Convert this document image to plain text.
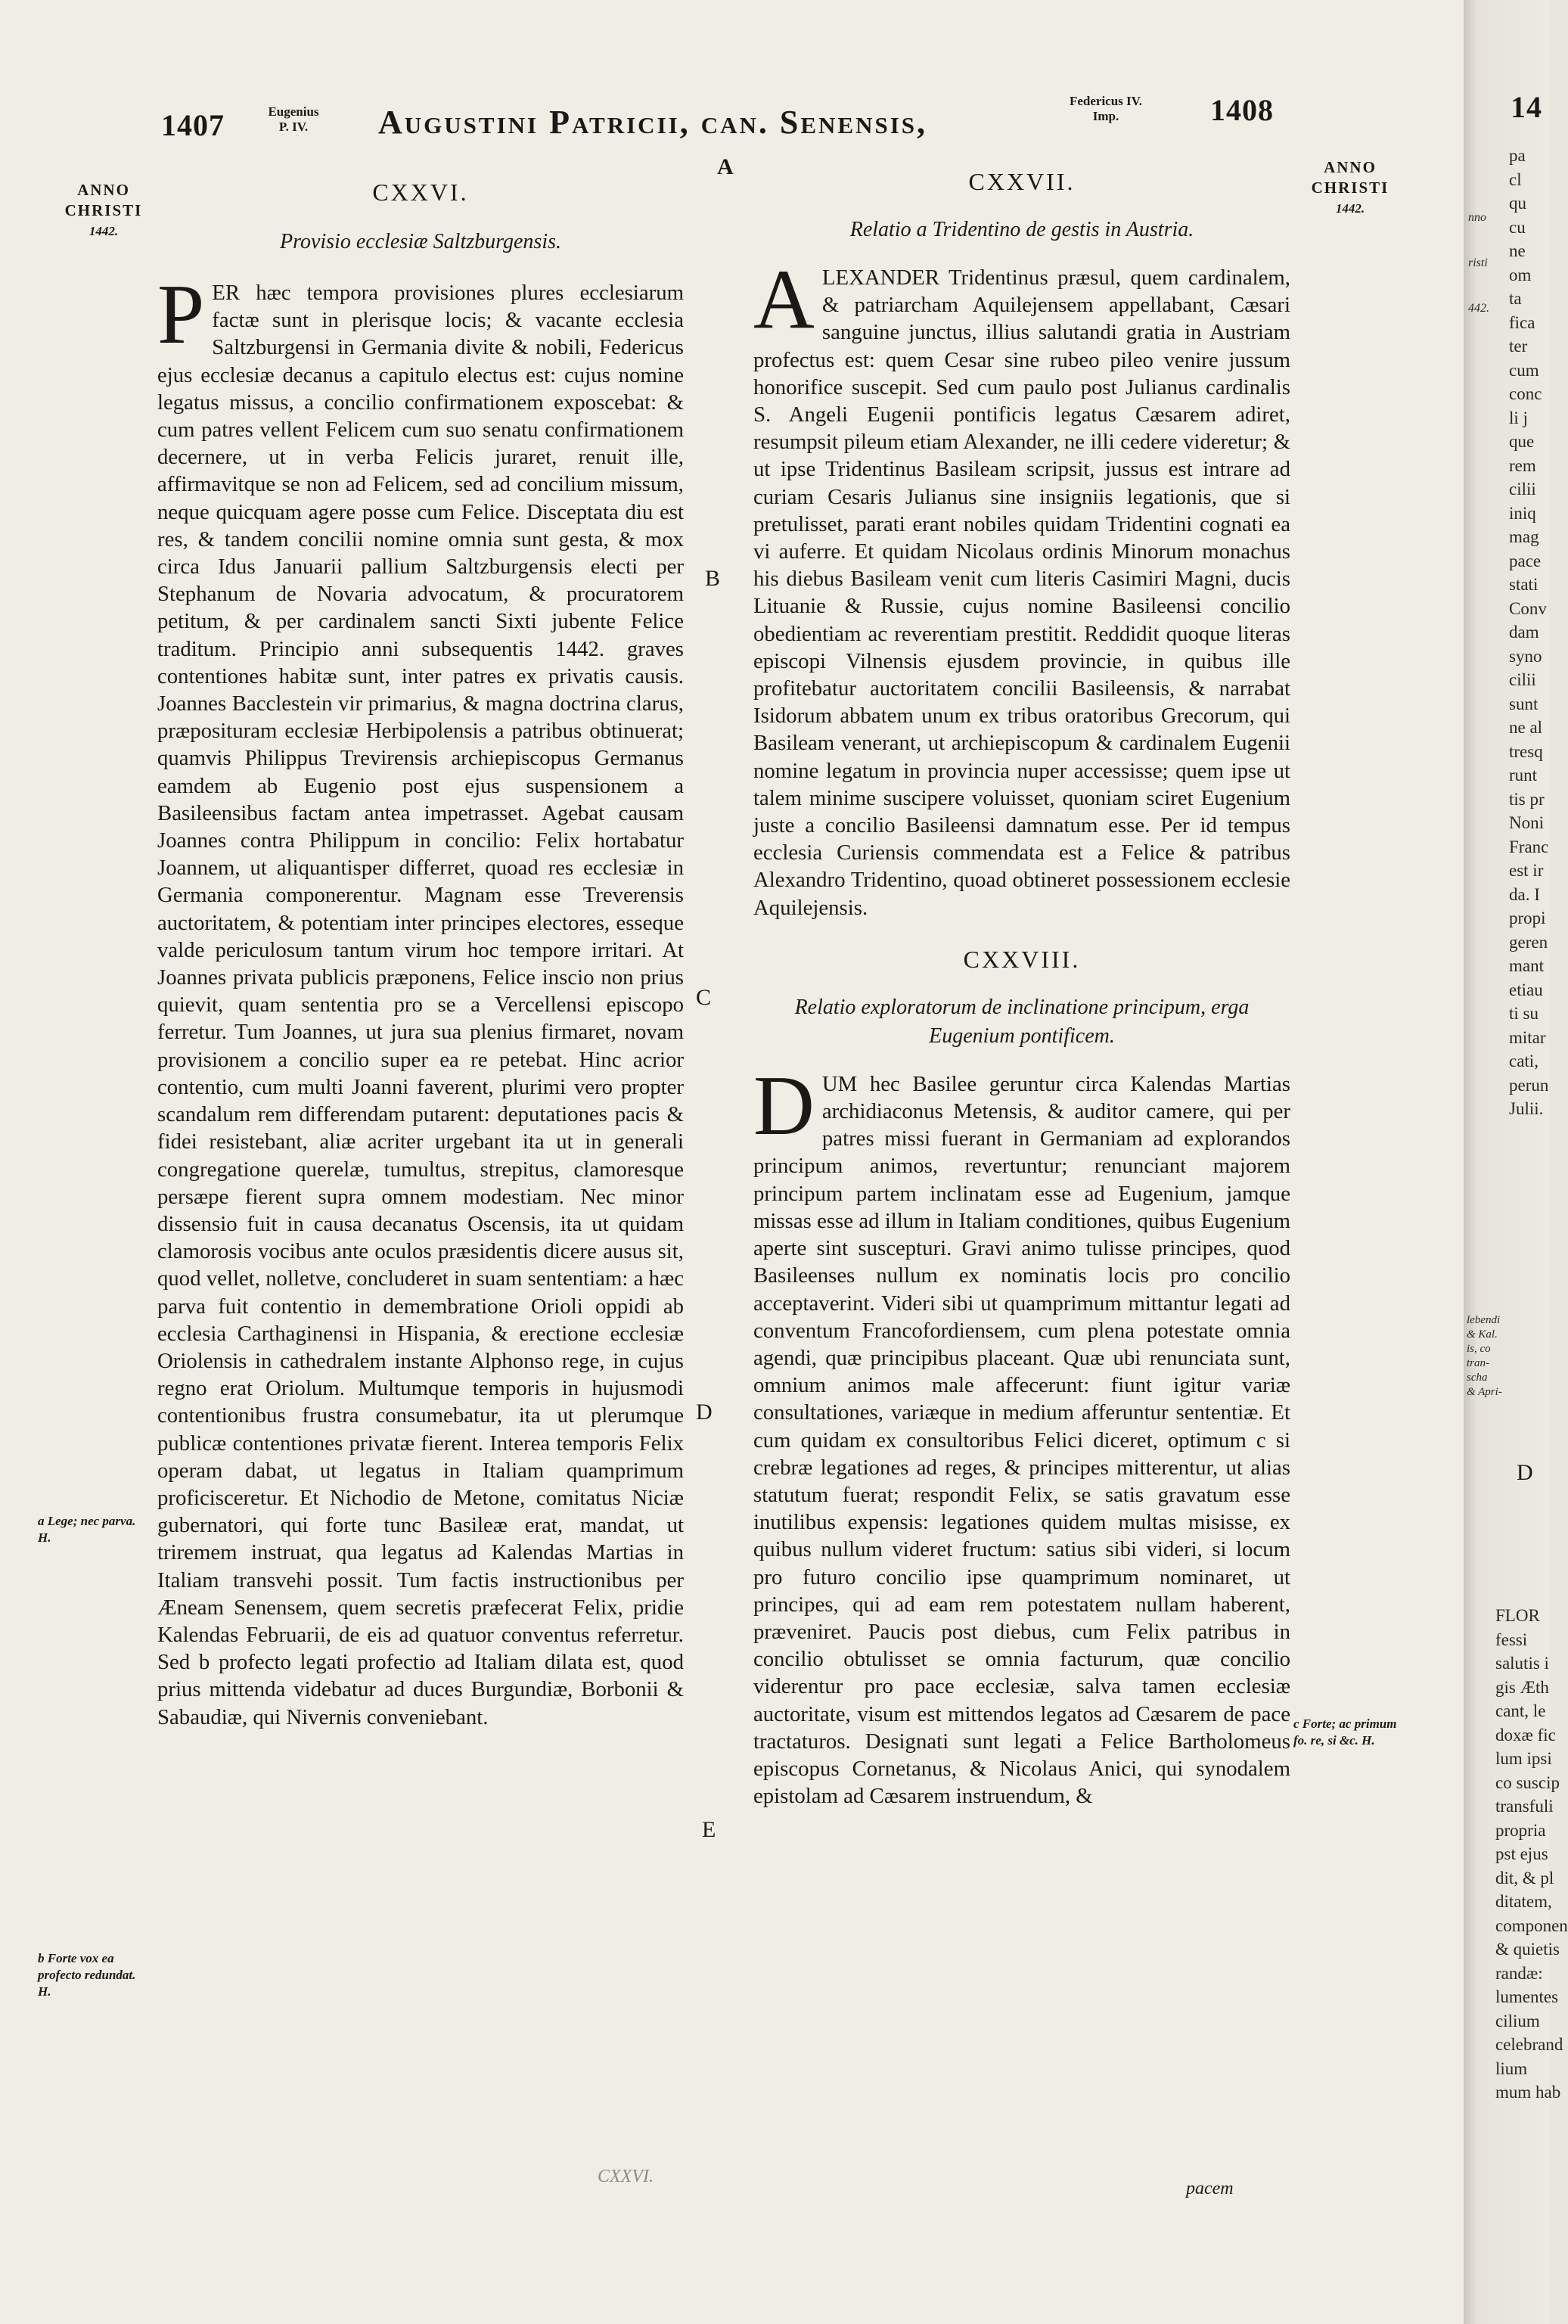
1407	Eugenius
P. IV.	Augustini Patricii, can. Senensis,
Federicus IV.
Imp.	1408
A
ANNO
CHRISTI
1442.
ANNO
CHRISTI
1442.
B
C
D
E
a Lege; nec parva. H.
b Forte vox ea profecto redundat. H.
c Forte; ac primum fo. re, si &c. H.
CXXVI.
Provisio ecclesiæ Saltzburgensis.

PER hæc tempora provisiones plures ecclesiarum factæ sunt in plerisque locis; & vacante ecclesia Saltzburgensi in Germania divite & nobili, Federicus ejus ecclesiæ decanus a capitulo electus est: cujus nomine legatus missus, a concilio confirmationem exposcebat: & cum patres vellent Felicem cum suo senatu confirmationem decernere, ut in verba Felicis juraret, renuit ille, affirmavitque se non ad Felicem, sed ad concilium missum, neque quicquam agere posse cum Felice. Disceptata diu est res, & tandem concilii nomine omnia sunt gesta, & mox circa Idus Januarii pallium Saltzburgensis electi per Stephanum de Novaria advocatum, & procuratorem petitum, & per cardinalem sancti Sixti jubente Felice traditum. Principio anni subsequentis 1442. graves contentiones habitæ sunt, inter patres ex privatis causis. Joannes Bacclestein vir primarius, & magna doctrina clarus, præposituram ecclesiæ Herbipolensis a patribus obtinuerat; quamvis Philippus Trevirensis archiepiscopus Germanus eamdem ab Eugenio post ejus suspensionem a Basileensibus factam antea impetrasset. Agebat causam Joannes contra Philippum in concilio: Felix hortabatur Joannem, ut aliquantisper differret, quoad res ecclesiæ in Germania componerentur. Magnam esse Treverensis auctoritatem, & potentiam inter principes electores, esseque valde periculosum tantum virum hoc tempore irritari. At Joannes privata publicis præponens, Felice inscio non prius quievit, quam sententia pro se a Vercellensi episcopo ferretur. Tum Joannes, ut jura sua plenius firmaret, novam provisionem a concilio super ea re petebat. Hinc acrior contentio, cum multi Joanni faverent, plurimi vero propter scandalum rem differendam putarent: deputationes pacis & fidei resistebant, aliæ acriter urgebant ita ut in generali congregatione querelæ, tumultus, strepitus, clamoresque persæpe fierent supra omnem modestiam. Nec minor dissensio fuit in causa decanatus Oscensis, ita ut quidam clamorosis vocibus ante oculos præsidentis dicere ausus sit, quod vellet, nolletve, concluderet in suam sententiam: a hæc parva fuit contentio in demembratione Orioli oppidi ab ecclesia Carthaginensi in Hispania, & erectione ecclesiæ Oriolensis in cathedralem instante Alphonso rege, in cujus regno erat Oriolum. Multumque temporis in hujusmodi contentionibus frustra consumebatur, ita ut plerumque publicæ contentiones privatæ fierent. Interea temporis Felix operam dabat, ut legatus in Italiam quamprimum proficisceretur. Et Nichodio de Metone, comitatus Niciæ gubernatori, qui forte tunc Basileæ erat, mandat, ut triremem instruat, qua legatus ad Kalendas Martias in Italiam transvehi possit. Tum factis instructionibus per Æneam Senensem, quem secretis præfecerat Felix, pridie Kalendas Februarii, de eis ad quatuor conventus referretur. Sed b profecto legati profectio ad Italiam dilata est, quod prius mittenda videbatur ad duces Burgundiæ, Borbonii & Sabaudiæ, qui Nivernis conveniebant.

CXXVI.
CXXVII.
Relatio a Tridentino de gestis in Austria.

ALEXANDER Tridentinus præsul, quem cardinalem, & patriarcham Aquilejensem appellabant, Cæsari sanguine junctus, illius salutandi gratia in Austriam profectus est: quem Cesar sine rubeo pileo venire jussum honorifice suscepit. Sed cum paulo post Julianus cardinalis S. Angeli Eugenii pontificis legatus Cæsarem adiret, resumpsit pileum etiam Alexander, ne illi cedere videretur; & ut ipse Tridentinus Basileam scripsit, jussus est intrare ad curiam Cesaris Julianus sine insigniis legationis, que si pretulisset, parati erant nobiles quidam Tridentini cognati ea vi auferre. Et quidam Nicolaus ordinis Minorum monachus his diebus Basileam venit cum literis Casimiri Magni, ducis Lituanie & Russie, cujus nomine Basileensi concilio obedientiam ac reverentiam prestitit. Reddidit quoque literas episcopi Vilnensis ejusdem provincie, in quibus ille profitebatur auctoritatem concilii Basileensis, & narrabat Isidorum abbatem unum ex tribus oratoribus Grecorum, qui Basileam venerant, ut archiepiscopum & cardinalem Eugenii nomine legatum in provincia nuper accessisse; quem ipse ut talem minime suscipere voluisset, quoniam sciret Eugenium juste a concilio Basileensi damnatum esse. Per id tempus ecclesia Curiensis commendata est a Felice & patribus Alexandro Tridentino, quoad obtineret possessionem ecclesie Aquilejensis.

CXXVIII.
Relatio exploratorum de inclinatione principum, erga Eugenium pontificem.

DUM hec Basilee geruntur circa Kalendas Martias archidiaconus Metensis, & auditor camere, qui per patres missi fuerant in Germaniam ad explorandos principum animos, revertuntur; renunciant majorem principum partem inclinatam esse ad Eugenium, jamque missas esse ad illum in Italiam conditiones, quibus Eugenium aperte sint suscepturi. Gravi animo tulisse principes, quod Basileenses nullum ex nominatis locis pro concilio acceptaverint. Videri sibi ut quamprimum mittantur legati ad conventum Francofordiensem, cum plena potestate omnia agendi, quæ principibus placeant. Quæ ubi renunciata sunt, omnium animos male affecerunt: fiunt igitur variæ consultationes, variæque in medium afferuntur sententiæ. Et cum quidam ex consultoribus Felici diceret, optimum c si crebræ legationes ad reges, & principes mitterentur, ut alias statutum fuerat; respondit Felix, se satis gravatum esse inutilibus expensis: legationes quidem multas misisse, ex quibus nullum videret fructum: satius sibi videri, si locum pro futuro concilio ipse quamprimum nominaret, ut principes, qui ad eam rem potestatem nullam haberent, præveniret. Paucis post diebus, cum Felix patribus in concilio obtulisset se omnia facturum, quæ concilio viderentur pro pace ecclesiæ, salva tamen ecclesiæ auctoritate, visum est mittendos legatos ad Cæsarem de pace tractaturos. Designati sunt legati a Felice Bartholomeus episcopus Cornetanus, & Nicolaus Anici, qui synodalem epistolam ad Cæsarem instruendum, &

pacem
14

nno

risti

442.

pa
cl
qu
cu
ne
om
ta
fica
ter
cum
conc
li j
que
rem
cilii
iniq
mag
pace
stati
Conv
dam
syno
cilii
sunt
ne al
tresq
runt
tis pr
Noni
Franc
est ir
da. I
propi
geren
mant
etiau
ti su
mitar
cati,
perun
Julii.
lebendi
& Kal.
is, co
tran-
scha
& Apri-
D
FLOR
fessi
salutis i
gis Æth
cant, le
doxæ fic
lum ipsi
co suscip
transfuli
propria
pst ejus
dit, & pl
ditatem,
componen
& quietis
randæ:
lumentes
cilium
celebrand
lium
mum hab
